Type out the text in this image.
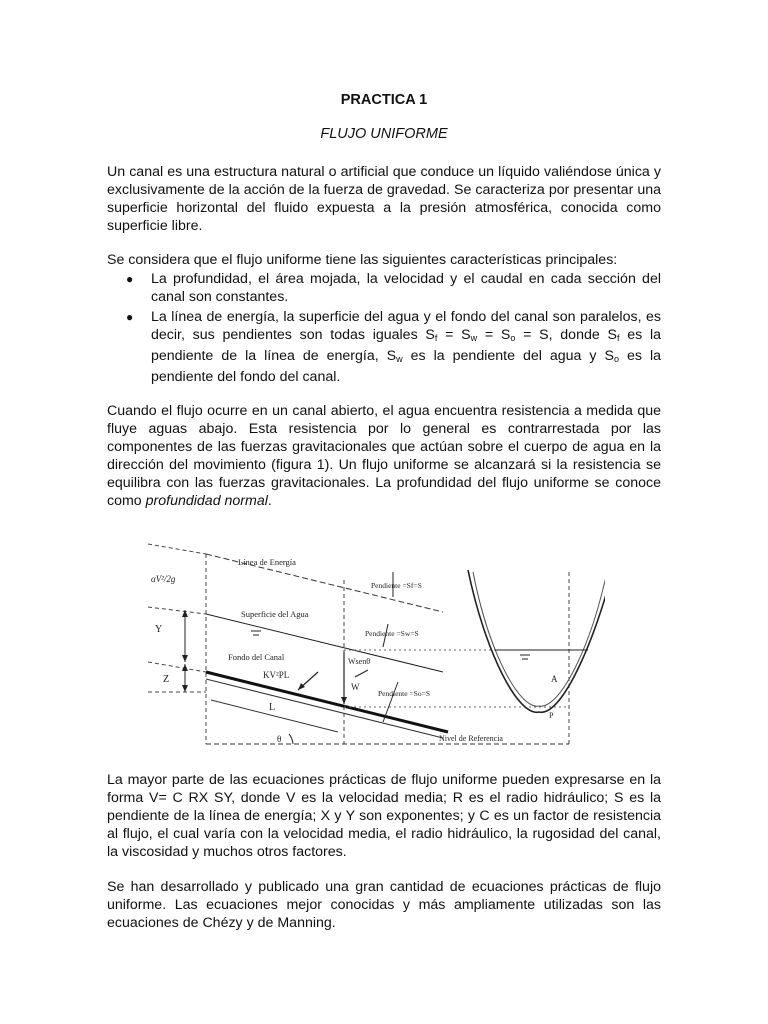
PRACTICA 1
FLUJO UNIFORME

Un canal es una estructura natural o artificial que conduce un líquido valiéndose única y exclusivamente de la acción de la fuerza de gravedad. Se caracteriza por presentar una superficie horizontal del fluido expuesta a la presión atmosférica, conocida como superficie libre.

Se considera que el flujo uniforme tiene las siguientes características principales:

● La profundidad, el área mojada, la velocidad y el caudal en cada sección del canal son constantes.
● La línea de energía, la superficie del agua y el fondo del canal son paralelos, es decir, sus pendientes son todas iguales $S_f = S_w = S_o = S$, donde $S_f$ es la pendiente de la línea de energía, $S_w$ es la pendiente del agua y $S_o$ es la pendiente del fondo del canal.

Cuando el flujo ocurre en un canal abierto, el agua encuentra resistencia a medida que fluye aguas abajo. Esta resistencia por lo general es contrarrestada por las componentes de las fuerzas gravitacionales que actúan sobre el cuerpo de agua en la dirección del movimiento (figura 1). Un flujo uniforme se alcanzará si la resistencia se equilibra con las fuerzas gravitacionales. La profundidad del flujo uniforme se conoce como profundidad normal.

Línea de Energía
Superficie del Agua
Fondo del Canal
Pendiente =Sf=S
Pendiente =Sw=S
Pendiente =So=S
Nivel de Referencia
αV²/2g
Y
Z
L
θ
KV²PL
Wsenθ
W
A
P

La mayor parte de las ecuaciones prácticas de flujo uniforme pueden expresarse en la forma V= C RX SY, donde V es la velocidad media; R es el radio hidráulico; S es la pendiente de la línea de energía; X y Y son exponentes; y C es un factor de resistencia al flujo, el cual varía con la velocidad media, el radio hidráulico, la rugosidad del canal, la viscosidad y muchos otros factores.

Se han desarrollado y publicado una gran cantidad de ecuaciones prácticas de flujo uniforme. Las ecuaciones mejor conocidas y más ampliamente utilizadas son las ecuaciones de Chézy y de Manning.
